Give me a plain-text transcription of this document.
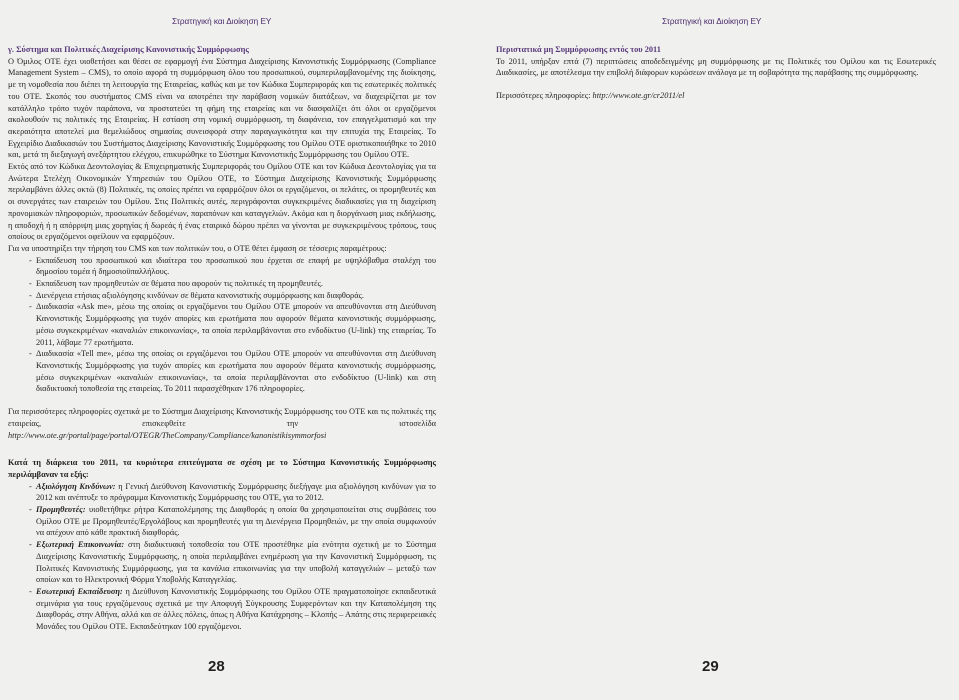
Στρατηγική και Διοίκηση ΕΥ

γ. Σύστημα και Πολιτικές Διαχείρισης Κανονιστικής Συμμόρφωσης

Ο Όμιλος ΟΤΕ έχει υιοθετήσει και θέσει σε εφαρμογή ένα Σύστημα Διαχείρισης Κανονιστικής Συμμόρφωσης (Compliance Management System – CMS), το οποίο αφορά τη συμμόρφωση όλου του προσωπικού, συμπεριλαμβανομένης της διοίκησης, με τη νομοθεσία που διέπει τη λειτουργία της Εταιρείας, καθώς και με τον Κώδικα Συμπεριφοράς και τις εσωτερικές πολιτικές του ΟΤΕ. Σκοπός του συστήματος CMS είναι να αποτρέπει την παράβαση νομικών διατάξεων, να διαχειρίζεται με τον κατάλληλο τρόπο τυχόν παράπονα, να προστατεύει τη φήμη της εταιρείας και να διασφαλίζει ότι όλοι οι εργαζόμενοι ακολουθούν τις πολιτικές της Εταιρείας. Η εστίαση στη νομική συμμόρφωση, τη διαφάνεια, τον επαγγελματισμό και την ακεραιότητα αποτελεί μια θεμελιώδους σημασίας συνεισφορά στην παραγωγικότητα και την επιτυχία της Εταιρείας. Το Εγχειρίδιο Διαδικασιών του Συστήματος Διαχείρισης Κανονιστικής Συμμόρφωσης του Ομίλου ΟΤΕ οριστικοποιήθηκε το 2010 και, μετά τη διεξαγωγή ανεξάρτητου ελέγχου, επικυρώθηκε το Σύστημα Κανονιστικής Συμμόρφωσης του Ομίλου ΟΤΕ.

Εκτός από τον Κώδικα Δεοντολογίας & Επιχειρηματικής Συμπεριφοράς του Ομίλου ΟΤΕ και τον Κώδικα Δεοντολογίας για τα Ανώτερα Στελέχη Οικονομικών Υπηρεσιών του Ομίλου ΟΤΕ, το Σύστημα Διαχείρισης Κανονιστικής Συμμόρφωσης περιλαμβάνει άλλες οκτώ (8) Πολιτικές, τις οποίες πρέπει να εφαρμόζουν όλοι οι εργαζόμενοι, οι πελάτες, οι προμηθευτές και οι συνεργάτες των εταιρειών του Ομίλου. Στις Πολιτικές αυτές, περιγράφονται συγκεκριμένες διαδικασίες για τη διαχείριση προνομιακών πληροφοριών, προσωπικών δεδομένων, παραπόνων και καταγγελιών. Ακόμα και η διοργάνωση μιας εκδήλωσης, η αποδοχή ή η απόρριψη μιας χορηγίας ή δωρεάς ή ένας εταιρικό δώρου πρέπει να γίνονται με συγκεκριμένους τρόπους, τους οποίους οι εργαζόμενοι οφείλουν να εφαρμόζουν.

Για να υποστηρίξει την τήρηση του CMS και των πολιτικών του, ο ΟΤΕ θέτει έμφαση σε τέσσερις παραμέτρους:

- Εκπαίδευση του προσωπικού και ιδιαίτερα του προσωπικού που έρχεται σε επαφή με υψηλόβαθμα σταλέχη του δημοσίου τομέα ή δημοσιοϋπαλλήλους.
- Εκπαίδευση των προμηθευτών σε θέματα που αφορούν τις πολιτικές τη προμηθευτές.
- Διενέργεια ετήσιας αξιολόγησης κινδύνων σε θέματα κανονιστικής συμμόρφωσης και διαφθοράς.
- Διαδικασία «Ask me», μέσω της οποίας οι εργαζόμενοι του Ομίλου ΟΤΕ μπορούν να απευθύνονται στη Διεύθυνση Κανονιστικής Συμμόρφωσης για τυχόν απορίες και ερωτήματα που αφορούν θέματα κανονιστικής συμμόρφωσης, μέσω συγκεκριμένων «καναλιών επικοινωνίας», τα οποία περιλαμβάνονται στο ενδοδίκτυο (U-link) της εταιρείας. Το 2011, λάβαμε 77 ερωτήματα.
- Διαδικασία «Tell me», μέσω της οποίας οι εργαζόμενοι του Ομίλου ΟΤΕ μπορούν να απευθύνονται στη Διεύθυνση Κανονιστικής Συμμόρφωσης για τυχόν απορίες και ερωτήματα που αφορούν θέματα κανονιστικής συμμόρφωσης, μέσω συγκεκριμένων «καναλιών επικοινωνίας», τα οποία περιλαμβάνονται στο ενδοδίκτυο (U-link) και στη διαδικτυακή τοποθεσία της εταιρείας. Το 2011 παρασχέθηκαν 176 πληροφορίες.

Για περισσότερες πληροφορίες σχετικά με το Σύστημα Διαχείρισης Κανονιστικής Συμμόρφωσης του ΟΤΕ και τις πολιτικές της εταιρείας, επισκεφθείτε την ιστοσελίδα http://www.ote.gr/portal/page/portal/OTEGR/TheCompany/Compliance/kanonistikisymmorfosi

Κατά τη διάρκεια του 2011, τα κυριότερα επιτεύγματα σε σχέση με το Σύστημα Κανονιστικής Συμμόρφωσης περιλάμβαναν τα εξής:

- Αξιολόγηση Κινδύνων: η Γενική Διεύθυνση Κανονιστικής Συμμόρφωσης διεξήγαγε μια αξιολόγηση κινδύνων για το 2012 και ανέπτυξε το πρόγραμμα Κανονιστικής Συμμόρφωσης του ΟΤΕ, για το 2012.
- Προμηθευτές: υιοθετήθηκε ρήτρα Καταπολέμησης της Διαφθοράς η οποία θα χρησιμοποιείται στις συμβάσεις του Ομίλου ΟΤΕ με Προμηθευτές/Εργολάβους και προμηθευτές για τη Διενέργεια Προμηθειών, με την οποία συμφωνούν να απέχουν από κάθε πρακτική διαφθοράς.
- Εξωτερική Επικοινωνία: στη διαδικτυακή τοποθεσία του ΟΤΕ προστέθηκε μία ενότητα σχετική με το Σύστημα Διαχείρισης Κανονιστικής Συμμόρφωσης, η οποία περιλαμβάνει ενημέρωση για την Κανονιστική Συμμόρφωση, τις Πολιτικές Κανονιστικής Συμμόρφωσης, για τα κανάλια επικοινωνίας για την υποβολή καταγγελιών – μεταξύ των οποίων και το Ηλεκτρονική Φόρμα Υποβολής Καταγγελίας.
- Εσωτερική Εκπαίδευση: η Διεύθυνση Κανονιστικής Συμμόρφωσης του Ομίλου ΟΤΕ πραγματοποίησε εκπαιδευτικά σεμινάρια για τους εργαζόμενους σχετικά με την Αποφυγή Σύγκρουσης Συμφερόντων και την Καταπολέμηση της Διαφθοράς, στην Αθήνα, αλλά και σε άλλες πόλεις, όπως η Αθήνα Κατάχρησης – Κλοπής – Απάτης στις περιφερειακές Μονάδες του Ομίλου ΟΤΕ. Εκπαιδεύτηκαν 100 εργαζόμενοι.
28
Στρατηγική και Διοίκηση ΕΥ

Περιστατικά μη Συμμόρφωσης εντός του 2011

Το 2011, υπήρξαν επτά (7) περιπτώσεις αποδεδειγμένης μη συμμόρφωσης με τις Πολιτικές του Ομίλου και τις Εσωτερικές Διαδικασίες, με αποτέλεσμα την επιβολή διάφορων κυρώσεων ανάλογα με τη σοβαρότητα της παράβασης της συμμόρφωσης.

Περισσότερες πληροφορίες: http://www.ote.gr/cr2011/el

29
